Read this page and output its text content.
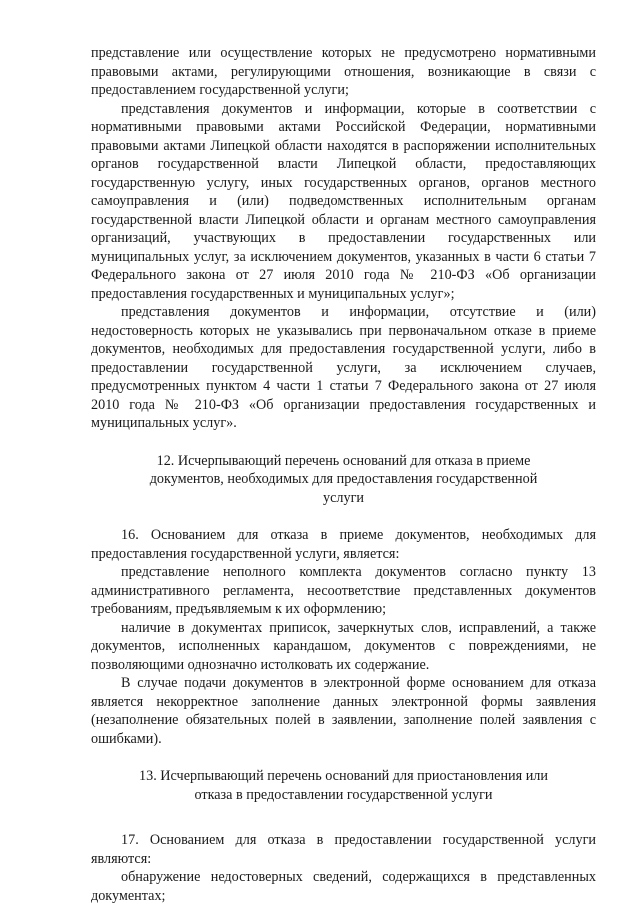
представление или осуществление которых не предусмотрено нормативными правовыми актами, регулирующими отношения, возникающие в связи с предоставлением государственной услуги;

представления документов и информации, которые в соответствии с нормативными правовыми актами Российской Федерации, нормативными правовыми актами Липецкой области находятся в распоряжении исполнительных органов государственной власти Липецкой области, предоставляющих государственную услугу, иных государственных органов, органов местного самоуправления и (или) подведомственных исполнительным органам государственной власти Липецкой области и органам местного самоуправления организаций, участвующих в предоставлении государственных или муниципальных услуг, за исключением документов, указанных в части 6 статьи 7 Федерального закона от 27 июля 2010 года № 210-ФЗ «Об организации предоставления государственных и муниципальных услуг»;

представления документов и информации, отсутствие и (или) недостоверность которых не указывались при первоначальном отказе в приеме документов, необходимых для предоставления государственной услуги, либо в предоставлении государственной услуги, за исключением случаев, предусмотренных пунктом 4 части 1 статьи 7 Федерального закона от 27 июля 2010 года № 210-ФЗ «Об организации предоставления государственных и муниципальных услуг».

12. Исчерпывающий перечень оснований для отказа в приеме документов, необходимых для предоставления государственной услуги

16. Основанием для отказа в приеме документов, необходимых для предоставления государственной услуги, является:

представление неполного комплекта документов согласно пункту 13 административного регламента, несоответствие представленных документов требованиям, предъявляемым к их оформлению;

наличие в документах приписок, зачеркнутых слов, исправлений, а также документов, исполненных карандашом, документов с повреждениями, не позволяющими однозначно истолковать их содержание.

В случае подачи документов в электронной форме основанием для отказа является некорректное заполнение данных электронной формы заявления (незаполнение обязательных полей в заявлении, заполнение полей заявления с ошибками).

13. Исчерпывающий перечень оснований для приостановления или отказа в предоставлении государственной услуги

17. Основанием для отказа в предоставлении государственной услуги являются:

обнаружение недостоверных сведений, содержащихся в представленных документах;
